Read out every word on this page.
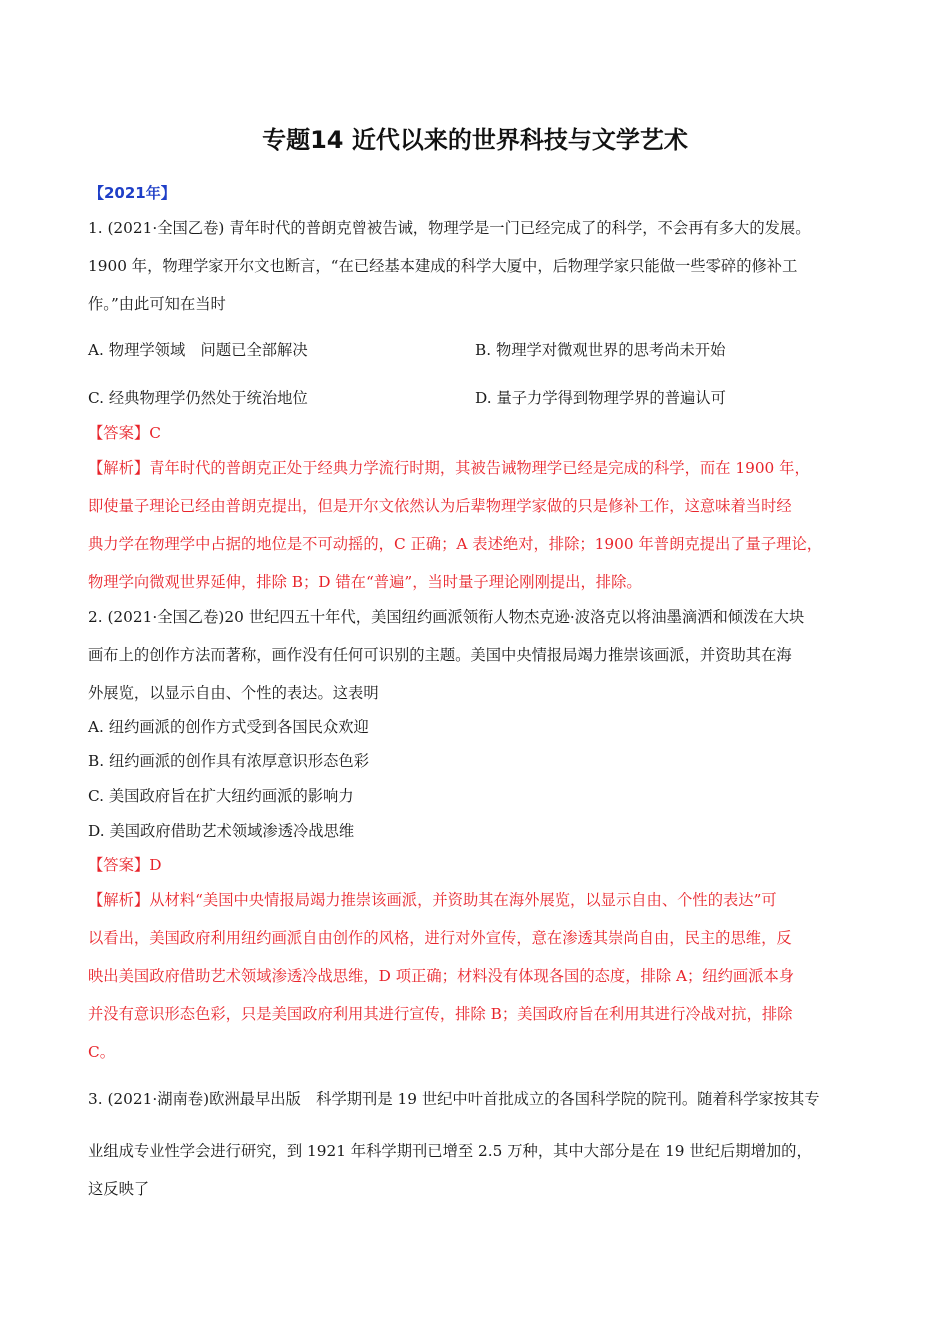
专题14 近代以来的世界科技与文学艺术
【2021年】
1. (2021·全国乙卷) 青年时代的普朗克曾被告诫，物理学是一门已经完成了的科学，不会再有多大的发展。
1900 年，物理学家开尔文也断言，“在已经基本建成的科学大厦中，后物理学家只能做一些零碎的修补工
作。”由此可知在当时
A. 物理学领域　问题已全部解决	B. 物理学对微观世界的思考尚未开始
C. 经典物理学仍然处于统治地位	D. 量子力学得到物理学界的普遍认可
【答案】C
【解析】青年时代的普朗克正处于经典力学流行时期，其被告诫物理学已经是完成的科学，而在 1900 年，
即使量子理论已经由普朗克提出，但是开尔文依然认为后辈物理学家做的只是修补工作，这意味着当时经
典力学在物理学中占据的地位是不可动摇的，C 正确；A 表述绝对，排除；1900 年普朗克提出了量子理论，
物理学向微观世界延伸，排除 B；D 错在“普遍”，当时量子理论刚刚提出，排除。
2. (2021·全国乙卷)20 世纪四五十年代，美国纽约画派领衔人物杰克逊·波洛克以将油墨滴洒和倾泼在大块
画布上的创作方法而著称，画作没有任何可识别的主题。美国中央情报局竭力推崇该画派，并资助其在海
外展览，以显示自由、个性的表达。这表明
A. 纽约画派的创作方式受到各国民众欢迎
B. 纽约画派的创作具有浓厚意识形态色彩
C. 美国政府旨在扩大纽约画派的影响力
D. 美国政府借助艺术领域渗透冷战思维
【答案】D
【解析】从材料“美国中央情报局竭力推崇该画派，并资助其在海外展览，以显示自由、个性的表达”可
以看出，美国政府利用纽约画派自由创作的风格，进行对外宣传，意在渗透其崇尚自由，民主的思维，反
映出美国政府借助艺术领域渗透冷战思维，D 项正确；材料没有体现各国的态度，排除 A；纽约画派本身
并没有意识形态色彩，只是美国政府利用其进行宣传，排除 B；美国政府旨在利用其进行冷战对抗，排除
C。
3. (2021·湖南卷)欧洲最早出版　科学期刊是 19 世纪中叶首批成立的各国科学院的院刊。随着科学家按其专
业组成专业性学会进行研究，到 1921 年科学期刊已增至 2.5 万种，其中大部分是在 19 世纪后期增加的，
这反映了
